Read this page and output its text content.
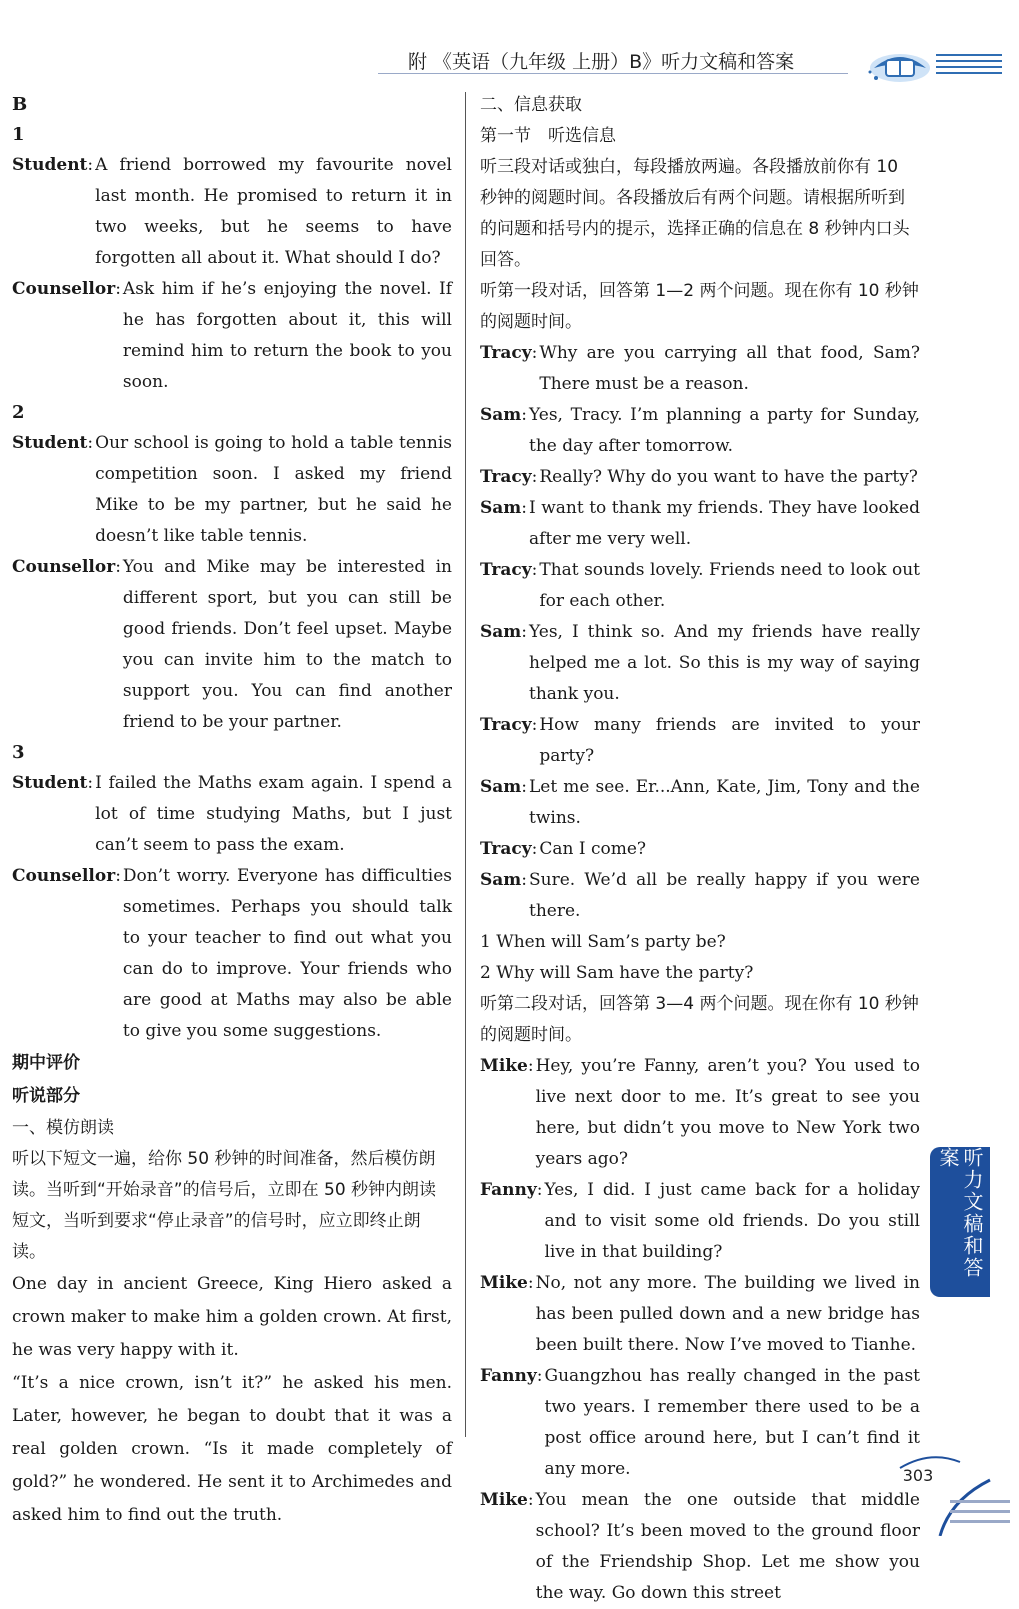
附 《英语（九年级 上册）B》听力文稿和答案
B
1
Student : A friend borrowed my favourite novel last month. He promised to return it in two weeks, but he seems to have forgotten all about it. What should I do?
Counsellor : Ask him if he’s enjoying the novel. If he has forgotten about it, this will remind him to return the book to you soon.
2
Student : Our school is going to hold a table tennis competition soon. I asked my friend Mike to be my partner, but he said he doesn’t like table tennis.
Counsellor : You and Mike may be interested in different sport, but you can still be good friends. Don’t feel upset. Maybe you can invite him to the match to support you. You can find another friend to be your partner.
3
Student : I failed the Maths exam again. I spend a lot of time studying Maths, but I just can’t seem to pass the exam.
Counsellor : Don’t worry. Everyone has difficulties sometimes. Perhaps you should talk to your teacher to find out what you can do to improve. Your friends who are good at Maths may also be able to give you some suggestions.
期中评价
听说部分
一、模仿朗读
听以下短文一遍，给你 50 秒钟的时间准备，然后模仿朗读。当听到“开始录音”的信号后，立即在 50 秒钟内朗读短文，当听到要求“停止录音”的信号时，应立即终止朗读。
One day in ancient Greece, King Hiero asked a crown maker to make him a golden crown. At first, he was very happy with it.
“It’s a nice crown, isn’t it?” he asked his men. Later, however, he began to doubt that it was a real golden crown. “Is it made completely of gold?” he wondered. He sent it to Archimedes and asked him to find out the truth.
二、信息获取
第一节　听选信息
听三段对话或独白，每段播放两遍。各段播放前你有 10 秒钟的阅题时间。各段播放后有两个问题。请根据所听到的问题和括号内的提示，选择正确的信息在 8 秒钟内口头回答。
听第一段对话，回答第 1—2 两个问题。现在你有 10 秒钟的阅题时间。
Tracy : Why are you carrying all that food, Sam? There must be a reason.
Sam : Yes, Tracy. I’m planning a party for Sunday, the day after tomorrow.
Tracy : Really? Why do you want to have the party?
Sam : I want to thank my friends. They have looked after me very well.
Tracy : That sounds lovely. Friends need to look out for each other.
Sam : Yes, I think so. And my friends have really helped me a lot. So this is my way of saying thank you.
Tracy : How many friends are invited to your party?
Sam : Let me see. Er...Ann, Kate, Jim, Tony and the twins.
Tracy : Can I come?
Sam : Sure. We’d all be really happy if you were there.
1 When will Sam’s party be?
2 Why will Sam have the party?
听第二段对话，回答第 3—4 两个问题。现在你有 10 秒钟的阅题时间。
Mike : Hey, you’re Fanny, aren’t you? You used to live next door to me. It’s great to see you here, but didn’t you move to New York two years ago?
Fanny : Yes, I did. I just came back for a holiday and to visit some old friends. Do you still live in that building?
Mike : No, not any more. The building we lived in has been pulled down and a new bridge has been built there. Now I’ve moved to Tianhe.
Fanny : Guangzhou has really changed in the past two years. I remember there used to be a post office around here, but I can’t find it any more.
Mike : You mean the one outside that middle school? It’s been moved to the ground floor of the Friendship Shop. Let me show you the way. Go down this street
听力文稿和答案
303
